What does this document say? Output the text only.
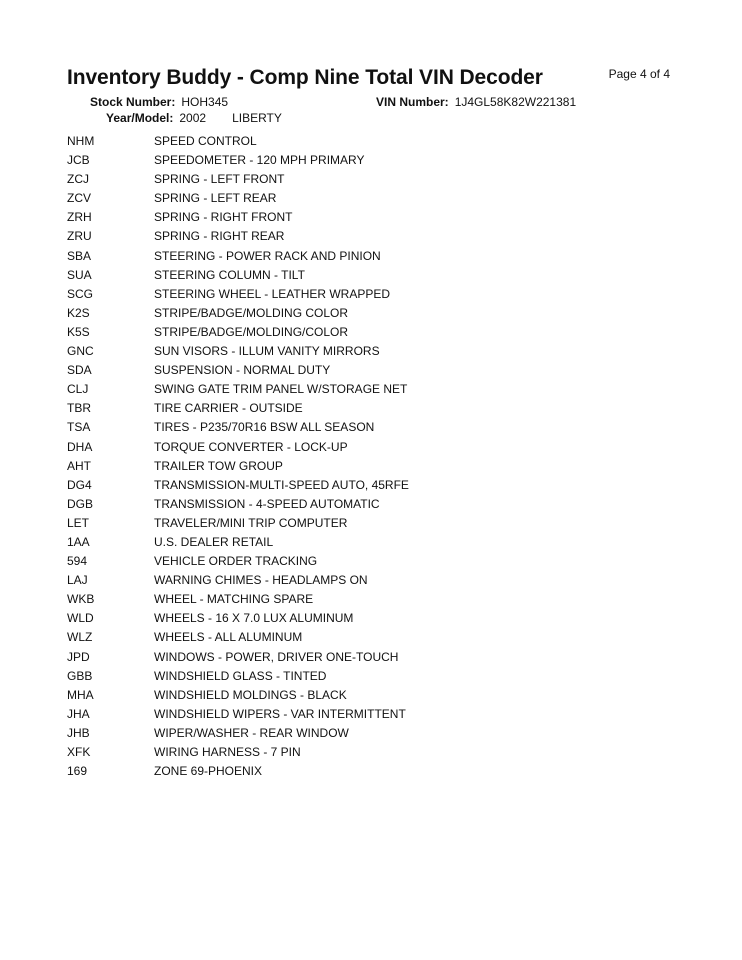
Inventory Buddy - Comp Nine Total VIN Decoder	Page 4 of 4
Stock Number: HOH345	VIN Number: 1J4GL58K82W221381
Year/Model: 2002 LIBERTY
NHM	SPEED CONTROL
JCB	SPEEDOMETER - 120 MPH PRIMARY
ZCJ	SPRING - LEFT FRONT
ZCV	SPRING - LEFT REAR
ZRH	SPRING - RIGHT FRONT
ZRU	SPRING - RIGHT REAR
SBA	STEERING - POWER RACK AND PINION
SUA	STEERING COLUMN - TILT
SCG	STEERING WHEEL - LEATHER WRAPPED
K2S	STRIPE/BADGE/MOLDING COLOR
K5S	STRIPE/BADGE/MOLDING/COLOR
GNC	SUN VISORS - ILLUM VANITY MIRRORS
SDA	SUSPENSION - NORMAL DUTY
CLJ	SWING GATE TRIM PANEL W/STORAGE NET
TBR	TIRE CARRIER - OUTSIDE
TSA	TIRES - P235/70R16 BSW ALL SEASON
DHA	TORQUE CONVERTER - LOCK-UP
AHT	TRAILER TOW GROUP
DG4	TRANSMISSION-MULTI-SPEED AUTO, 45RFE
DGB	TRANSMISSION - 4-SPEED AUTOMATIC
LET	TRAVELER/MINI TRIP COMPUTER
1AA	U.S. DEALER RETAIL
594	VEHICLE ORDER TRACKING
LAJ	WARNING CHIMES - HEADLAMPS ON
WKB	WHEEL - MATCHING SPARE
WLD	WHEELS - 16 X 7.0 LUX ALUMINUM
WLZ	WHEELS - ALL ALUMINUM
JPD	WINDOWS - POWER, DRIVER ONE-TOUCH
GBB	WINDSHIELD GLASS - TINTED
MHA	WINDSHIELD MOLDINGS - BLACK
JHA	WINDSHIELD WIPERS - VAR INTERMITTENT
JHB	WIPER/WASHER - REAR WINDOW
XFK	WIRING HARNESS - 7 PIN
169	ZONE 69-PHOENIX
